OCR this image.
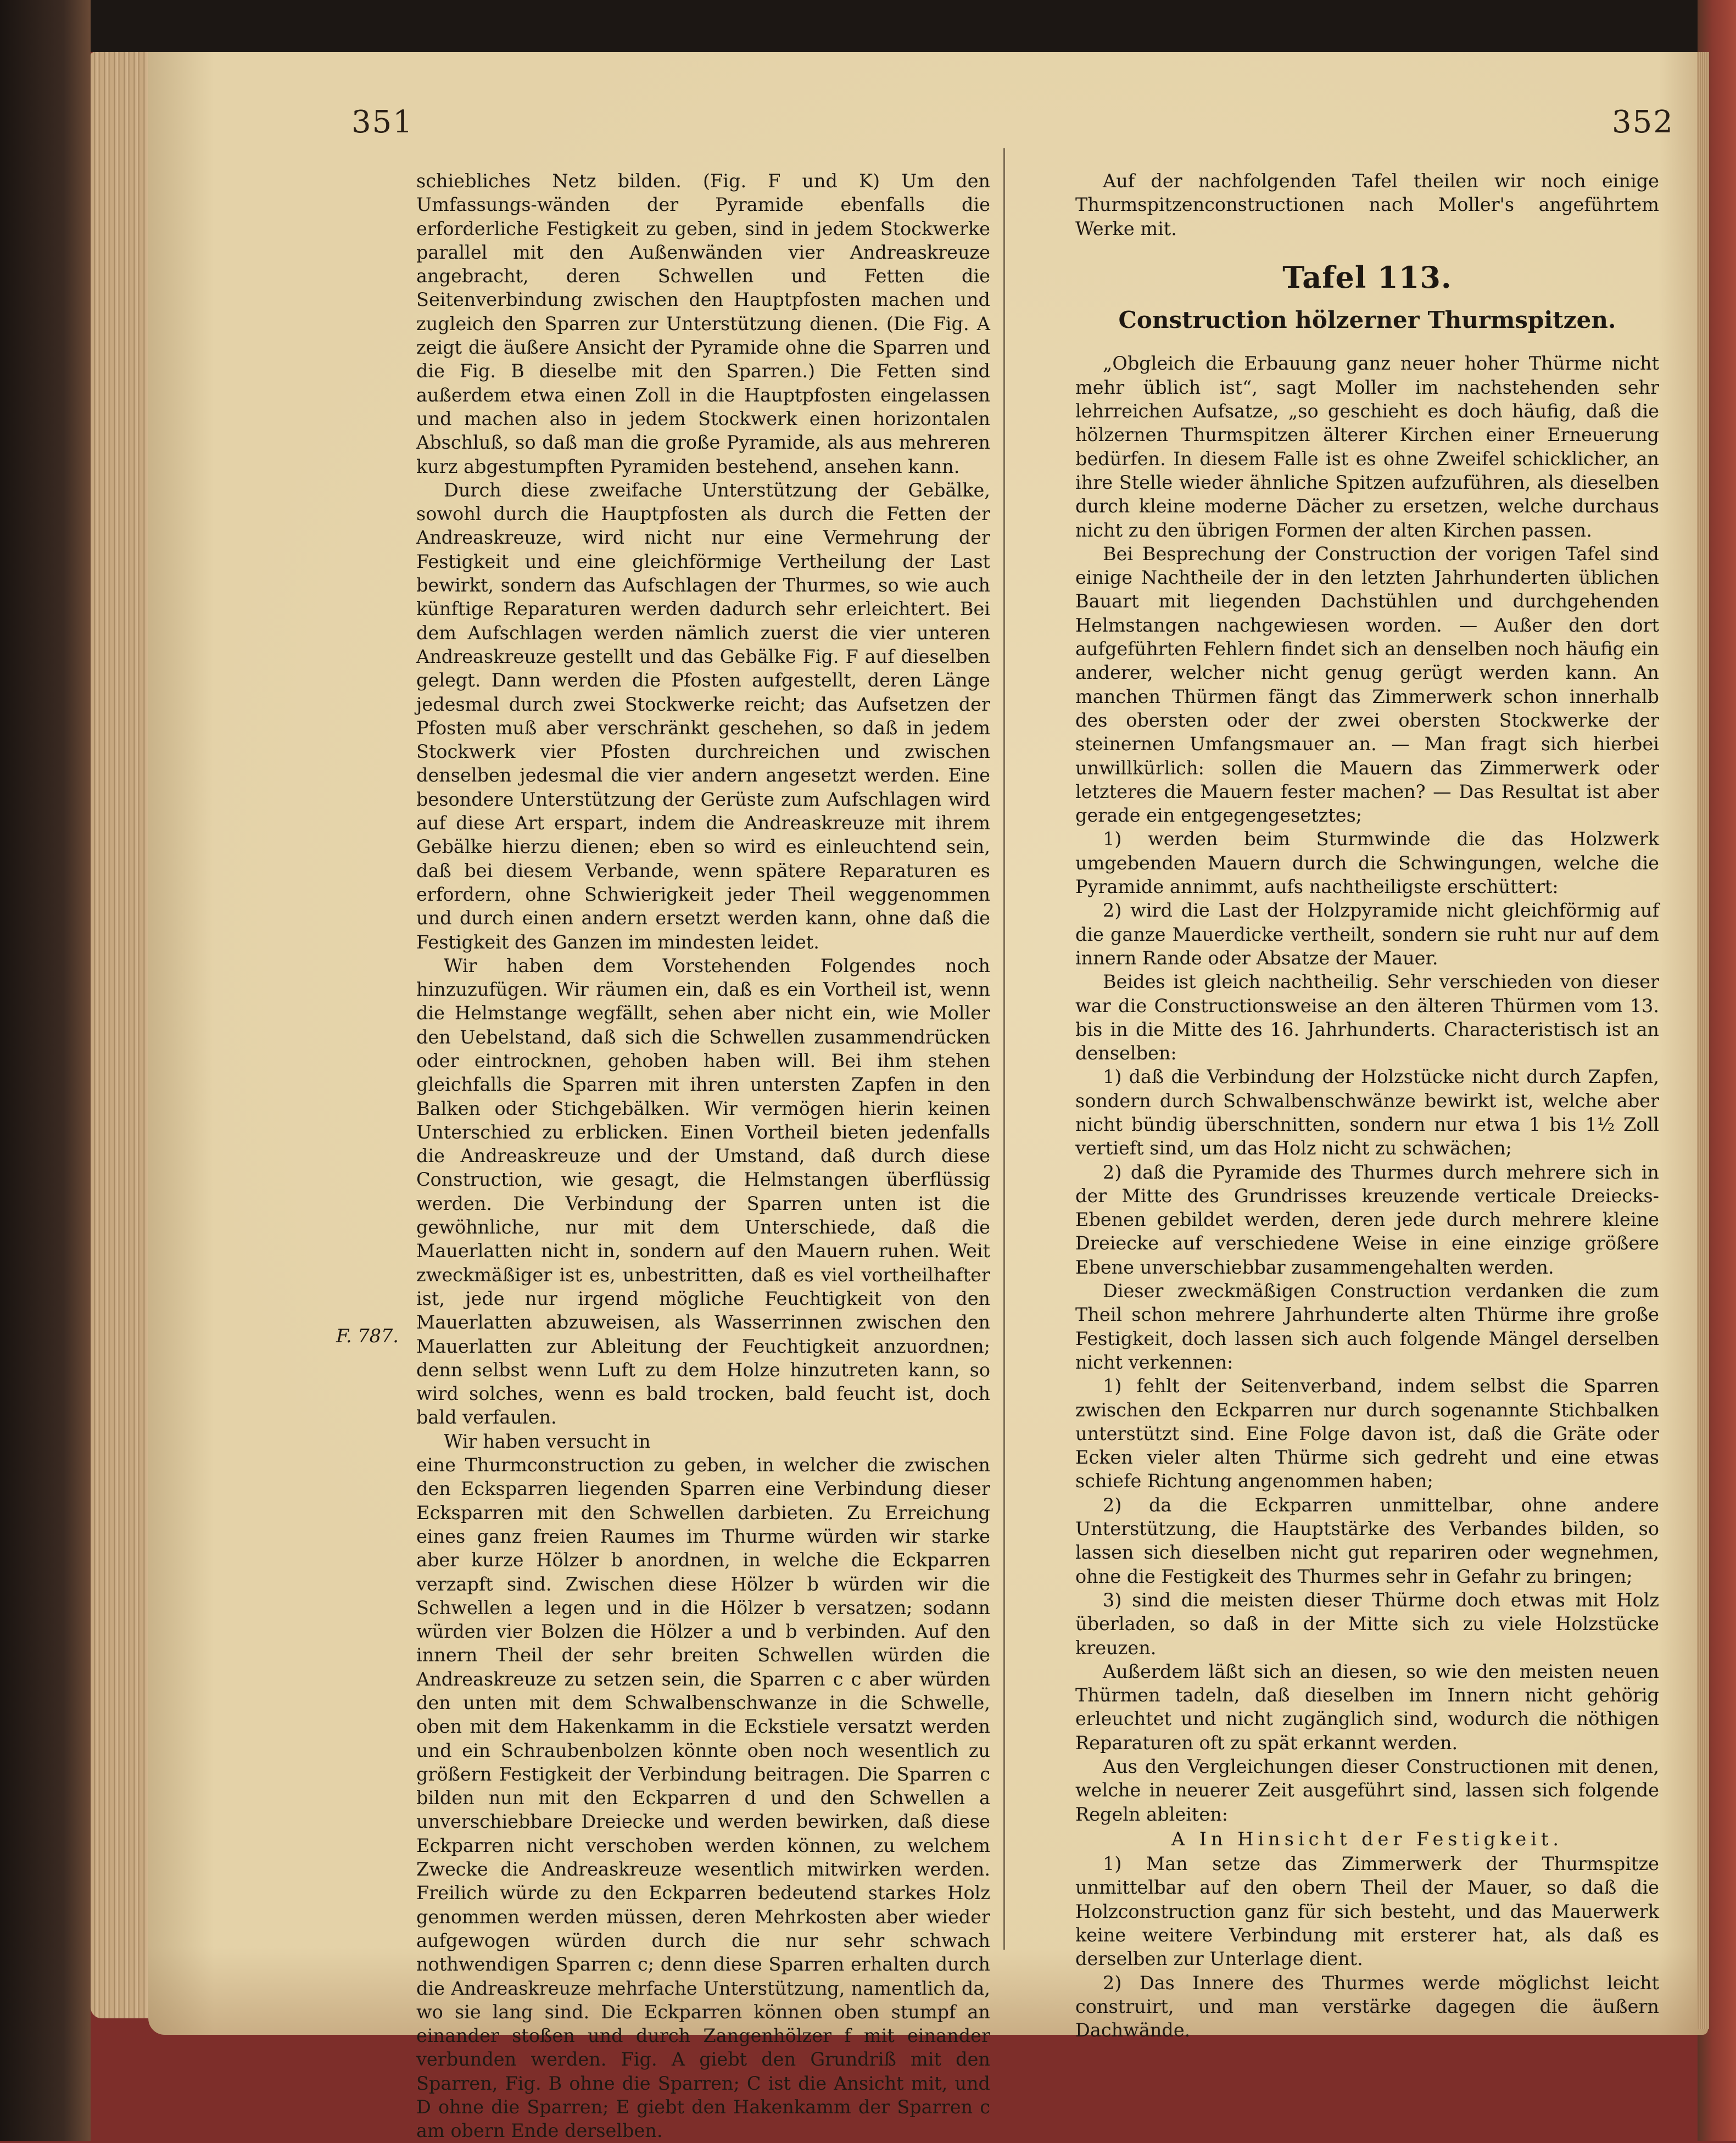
351	352

schiebliches Netz bilden. (Fig. F und K) Um den Umfassungs-wänden der Pyramide ebenfalls die erforderliche Festigkeit zu geben, sind in jedem Stockwerke parallel mit den Außenwänden vier Andreaskreuze angebracht, deren Schwellen und Fetten die Seitenverbindung zwischen den Hauptpfosten machen und zugleich den Sparren zur Unterstützung dienen. (Die Fig. A zeigt die äußere Ansicht der Pyramide ohne die Sparren und die Fig. B dieselbe mit den Sparren.) Die Fetten sind außerdem etwa einen Zoll in die Hauptpfosten eingelassen und machen also in jedem Stockwerk einen horizontalen Abschluß, so daß man die große Pyramide, als aus mehreren kurz abgestumpften Pyramiden bestehend, ansehen kann.

Durch diese zweifache Unterstützung der Gebälke, sowohl durch die Hauptpfosten als durch die Fetten der Andreaskreuze, wird nicht nur eine Vermehrung der Festigkeit und eine gleichförmige Vertheilung der Last bewirkt, sondern das Aufschlagen der Thurmes, so wie auch künftige Reparaturen werden dadurch sehr erleichtert. Bei dem Aufschlagen werden nämlich zuerst die vier unteren Andreaskreuze gestellt und das Gebälke Fig. F auf dieselben gelegt. Dann werden die Pfosten aufgestellt, deren Länge jedesmal durch zwei Stockwerke reicht; das Aufsetzen der Pfosten muß aber verschränkt geschehen, so daß in jedem Stockwerk vier Pfosten durchreichen und zwischen denselben jedesmal die vier andern angesetzt werden. Eine besondere Unterstützung der Gerüste zum Aufschlagen wird auf diese Art erspart, indem die Andreaskreuze mit ihrem Gebälke hierzu dienen; eben so wird es einleuchtend sein, daß bei diesem Verbande, wenn spätere Reparaturen es erfordern, ohne Schwierigkeit jeder Theil weggenommen und durch einen andern ersetzt werden kann, ohne daß die Festigkeit des Ganzen im mindesten leidet.

Wir haben dem Vorstehenden Folgendes noch hinzuzufügen. Wir räumen ein, daß es ein Vortheil ist, wenn die Helmstange wegfällt, sehen aber nicht ein, wie Moller den Uebelstand, daß sich die Schwellen zusammendrücken oder eintrocknen, gehoben haben will. Bei ihm stehen gleichfalls die Sparren mit ihren untersten Zapfen in den Balken oder Stichgebälken. Wir vermögen hierin keinen Unterschied zu erblicken. Einen Vortheil bieten jedenfalls die Andreaskreuze und der Umstand, daß durch diese Construction, wie gesagt, die Helmstangen überflüssig werden. Die Verbindung der Sparren unten ist die gewöhnliche, nur mit dem Unterschiede, daß die Mauerlatten nicht in, sondern auf den Mauern ruhen. Weit zweckmäßiger ist es, unbestritten, daß es viel vortheilhafter ist, jede nur irgend mögliche Feuchtigkeit von den Mauerlatten abzuweisen, als Wasserrinnen zwischen den Mauerlatten zur Ableitung der Feuchtigkeit anzuordnen; denn selbst wenn Luft zu dem Holze hinzutreten kann, so wird solches, wenn es bald trocken, bald feucht ist, doch bald verfaulen.

Wir haben versucht in

eine Thurmconstruction zu geben, in welcher die zwischen den Ecksparren liegenden Sparren eine Verbindung dieser Ecksparren mit den Schwellen darbieten. Zu Erreichung eines ganz freien Raumes im Thurme würden wir starke aber kurze Hölzer b anordnen, in welche die Eckparren verzapft sind. Zwischen diese Hölzer b würden wir die Schwellen a legen und in die Hölzer b versatzen; sodann würden vier Bolzen die Hölzer a und b verbinden. Auf den innern Theil der sehr breiten Schwellen würden die Andreaskreuze zu setzen sein, die Sparren c c aber würden den unten mit dem Schwalbenschwanze in die Schwelle, oben mit dem Hakenkamm in die Eckstiele versatzt werden und ein Schraubenbolzen könnte oben noch wesentlich zu größern Festigkeit der Verbindung beitragen. Die Sparren c bilden nun mit den Eckparren d und den Schwellen a unverschiebbare Dreiecke und werden bewirken, daß diese Eckparren nicht verschoben werden können, zu welchem Zwecke die Andreaskreuze wesentlich mitwirken werden. Freilich würde zu den Eckparren bedeutend starkes Holz genommen werden müssen, deren Mehrkosten aber wieder aufgewogen würden durch die nur sehr schwach nothwendigen Sparren c; denn diese Sparren erhalten durch die Andreaskreuze mehrfache Unterstützung, namentlich da, wo sie lang sind. Die Eckparren können oben stumpf an einander stoßen und durch Zangenhölzer f mit einander verbunden werden. Fig. A giebt den Grundriß mit den Sparren, Fig. B ohne die Sparren; C ist die Ansicht mit, und D ohne die Sparren; E giebt den Hakenkamm der Sparren c am obern Ende derselben.

F. 787.

Auf der nachfolgenden Tafel theilen wir noch einige Thurmspitzenconstructionen nach Moller's angeführtem Werke mit.

Tafel 113.
Construction hölzerner Thurmspitzen.

„Obgleich die Erbauung ganz neuer hoher Thürme nicht mehr üblich ist“, sagt Moller im nachstehenden sehr lehrreichen Aufsatze, „so geschieht es doch häufig, daß die hölzernen Thurmspitzen älterer Kirchen einer Erneuerung bedürfen. In diesem Falle ist es ohne Zweifel schicklicher, an ihre Stelle wieder ähnliche Spitzen aufzuführen, als dieselben durch kleine moderne Dächer zu ersetzen, welche durchaus nicht zu den übrigen Formen der alten Kirchen passen.

Bei Besprechung der Construction der vorigen Tafel sind einige Nachtheile der in den letzten Jahrhunderten üblichen Bauart mit liegenden Dachstühlen und durchgehenden Helmstangen nachgewiesen worden. — Außer den dort aufgeführten Fehlern findet sich an denselben noch häufig ein anderer, welcher nicht genug gerügt werden kann. An manchen Thürmen fängt das Zimmerwerk schon innerhalb des obersten oder der zwei obersten Stockwerke der steinernen Umfangsmauer an. — Man fragt sich hierbei unwillkürlich: sollen die Mauern das Zimmerwerk oder letzteres die Mauern fester machen? — Das Resultat ist aber gerade ein entgegengesetztes;

1) werden beim Sturmwinde die das Holzwerk umgebenden Mauern durch die Schwingungen, welche die Pyramide annimmt, aufs nachtheiligste erschüttert:

2) wird die Last der Holzpyramide nicht gleichförmig auf die ganze Mauerdicke vertheilt, sondern sie ruht nur auf dem innern Rande oder Absatze der Mauer.

Beides ist gleich nachtheilig. Sehr verschieden von dieser war die Constructionsweise an den älteren Thürmen vom 13. bis in die Mitte des 16. Jahrhunderts. Characteristisch ist an denselben:

1) daß die Verbindung der Holzstücke nicht durch Zapfen, sondern durch Schwalbenschwänze bewirkt ist, welche aber nicht bündig überschnitten, sondern nur etwa 1 bis 1½ Zoll vertieft sind, um das Holz nicht zu schwächen;

2) daß die Pyramide des Thurmes durch mehrere sich in der Mitte des Grundrisses kreuzende verticale Dreiecks-Ebenen gebildet werden, deren jede durch mehrere kleine Dreiecke auf verschiedene Weise in eine einzige größere Ebene unverschiebbar zusammengehalten werden.

Dieser zweckmäßigen Construction verdanken die zum Theil schon mehrere Jahrhunderte alten Thürme ihre große Festigkeit, doch lassen sich auch folgende Mängel derselben nicht verkennen:

1) fehlt der Seitenverband, indem selbst die Sparren zwischen den Eckparren nur durch sogenannte Stichbalken unterstützt sind. Eine Folge davon ist, daß die Gräte oder Ecken vieler alten Thürme sich gedreht und eine etwas schiefe Richtung angenommen haben;

2) da die Eckparren unmittelbar, ohne andere Unterstützung, die Hauptstärke des Verbandes bilden, so lassen sich dieselben nicht gut repariren oder wegnehmen, ohne die Festigkeit des Thurmes sehr in Gefahr zu bringen;

3) sind die meisten dieser Thürme doch etwas mit Holz überladen, so daß in der Mitte sich zu viele Holzstücke kreuzen.

Außerdem läßt sich an diesen, so wie den meisten neuen Thürmen tadeln, daß dieselben im Innern nicht gehörig erleuchtet und nicht zugänglich sind, wodurch die nöthigen Reparaturen oft zu spät erkannt werden.

Aus den Vergleichungen dieser Constructionen mit denen, welche in neuerer Zeit ausgeführt sind, lassen sich folgende Regeln ableiten:

A In Hinsicht der Festigkeit.

1) Man setze das Zimmerwerk der Thurmspitze unmittelbar auf den obern Theil der Mauer, so daß die Holzconstruction ganz für sich besteht, und das Mauerwerk keine weitere Verbindung mit ersterer hat, als daß es derselben zur Unterlage dient.

2) Das Innere des Thurmes werde möglichst leicht construirt, und man verstärke dagegen die äußern Dachwände.
